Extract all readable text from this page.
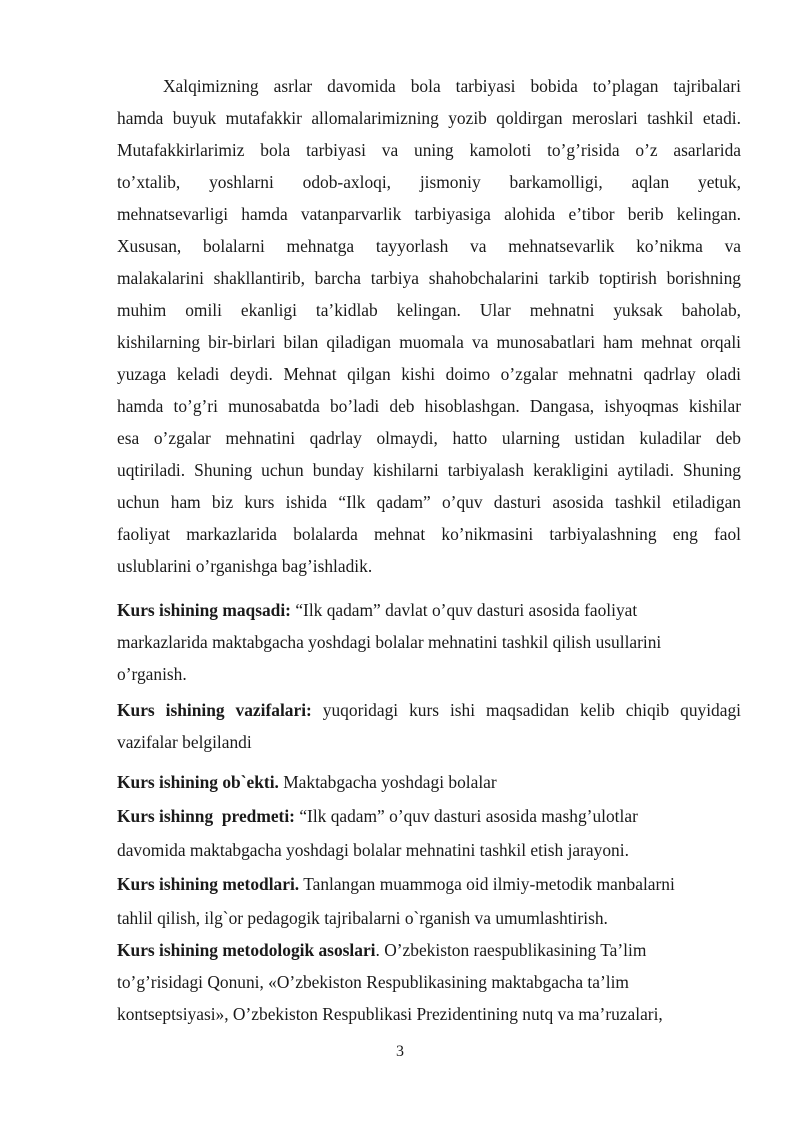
Xalqimizning asrlar davomida bola tarbiyasi bobida to’plagan tajribalari
hamda buyuk mutafakkir allomalarimizning yozib qoldirgan meroslari tashkil etadi.
Mutafakkirlarimiz bola tarbiyasi va uning kamoloti to’g’risida o’z asarlarida
to’xtalib, yoshlarni odob-axloqi, jismoniy barkamolligi, aqlan yetuk,
mehnatsevarligi hamda vatanparvarlik tarbiyasiga alohida e’tibor berib kelingan.
Xususan, bolalarni mehnatga tayyorlash va mehnatsevarlik ko’nikma va
malakalarini shakllantirib, barcha tarbiya shahobchalarini tarkib toptirish borishning
muhim omili ekanligi ta’kidlab kelingan. Ular mehnatni yuksak baholab,
kishilarning bir-birlari bilan qiladigan muomala va munosabatlari ham mehnat orqali
yuzaga keladi deydi. Mehnat qilgan kishi doimo o’zgalar mehnatni qadrlay oladi
hamda to’g’ri munosabatda bo’ladi deb hisoblashgan. Dangasa, ishyoqmas kishilar
esa o’zgalar mehnatini qadrlay olmaydi, hatto ularning ustidan kuladilar deb
uqtiriladi. Shuning uchun bunday kishilarni tarbiyalash kerakligini aytiladi. Shuning
uchun ham biz kurs ishida “Ilk qadam” o’quv dasturi asosida tashkil etiladigan
faoliyat markazlarida bolalarda mehnat ko’nikmasini tarbiyalashning eng faol
uslublarini o’rganishga bag’ishladik.
Kurs ishining maqsadi: “Ilk qadam” davlat o’quv dasturi asosida faoliyat
markazlarida maktabgacha yoshdagi bolalar mehnatini tashkil qilish usullarini
o’rganish.
Kurs ishining vazifalari: yuqoridagi kurs ishi maqsadidan kelib chiqib quyidagi
vazifalar belgilandi
Kurs ishining ob`ekti. Maktabgacha yoshdagi bolalar
Kurs ishinng  predmeti: “Ilk qadam” o’quv dasturi asosida mashg’ulotlar
davomida maktabgacha yoshdagi bolalar mehnatini tashkil etish jarayoni.
Kurs ishining metodlari. Tanlangan muammoga oid ilmiy-metodik manbalarni
tahlil qilish, ilg`or pedagogik tajribalarni o`rganish va umumlashtirish.
Kurs ishining metodologik asoslari. O’zbekiston raespublikasining Ta’lim
to’g’risidagi Qonuni, «O’zbekiston Respublikasining maktabgacha ta’lim
kontseptsiyasi», O’zbekiston Respublikasi Prezidentining nutq va ma’ruzalari,
3
